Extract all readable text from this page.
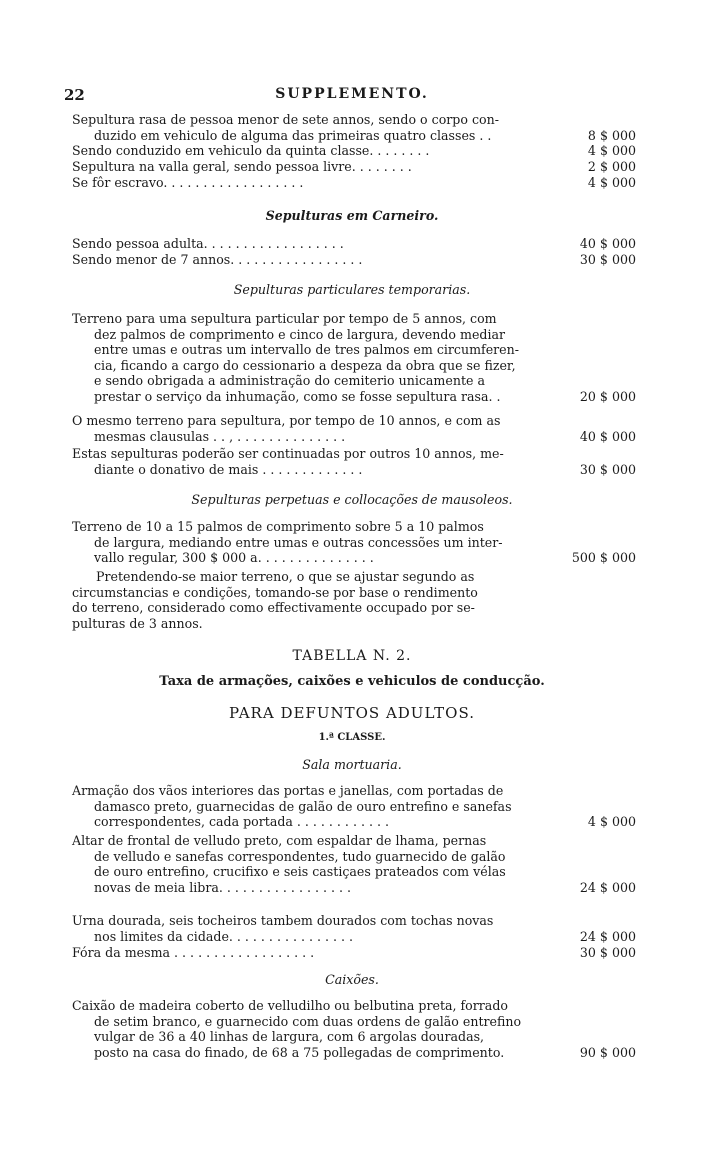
22	SUPPLEMENTO.
Sepultura rasa de pessoa menor de sete annos, sendo o corpo con-
duzido em vehiculo de alguma das primeiras quatro classes . .	8 $ 000
Sendo conduzido em vehiculo da quinta classe. . . . . . . .	4 $ 000
Sepultura na valla geral, sendo pessoa livre. . . . . . . .	2 $ 000
Se fôr escravo. . . . . . . . . . . . . . . . . .	4 $ 000
Sepulturas em Carneiro.
Sendo pessoa adulta. . . . . . . . . . . . . . . . . .	40 $ 000
Sendo menor de 7 annos. . . . . . . . . . . . . . . . .	30 $ 000
Sepulturas particulares temporarias.
Terreno para uma sepultura particular por tempo de 5 annos, com
dez palmos de comprimento e cinco de largura, devendo mediar
entre umas e outras um intervallo de tres palmos em circumferen-
cia, ficando a cargo do cessionario a despeza da obra que se fizer,
e sendo obrigada a administração do cemiterio unicamente a
prestar o serviço da inhumação, como se fosse sepultura rasa. .	20 $ 000
O mesmo terreno para sepultura, por tempo de 10 annos, e com as
mesmas clausulas . . , . . . . . . . . . . . . . .	40 $ 000
Estas sepulturas poderão ser continuadas por outros 10 annos, me-
diante o donativo de mais . . . . . . . . . . . . .	30 $ 000
Sepulturas perpetuas e collocações de mausoleos.
Terreno de 10 a 15 palmos de comprimento sobre 5 a 10 palmos
de largura, mediando entre umas e outras concessões um inter-
vallo regular, 300 $ 000 a. . . . . . . . . . . . . . .	500 $ 000
Pretendendo-se maior terreno, o que se ajustar segundo as
circumstancias e condições, tomando-se por base o rendimento
do terreno, considerado como effectivamente occupado por se-
pulturas de 3 annos.
TABELLA N. 2.
Taxa de armações, caixões e vehiculos de conducção.
PARA DEFUNTOS ADULTOS.
1.ª CLASSE.
Sala mortuaria.
Armação dos vãos interiores das portas e janellas, com portadas de
damasco preto, guarnecidas de galão de ouro entrefino e sanefas
correspondentes, cada portada . . . . . . . . . . . .	4 $ 000
Altar de frontal de velludo preto, com espaldar de lhama, pernas
de velludo e sanefas correspondentes, tudo guarnecido de galão
de ouro entrefino, crucifixo e seis castiçaes prateados com vélas
novas de meia libra. . . . . . . . . . . . . . . . .	24 $ 000
Urna dourada, seis tocheiros tambem dourados com tochas novas
nos limites da cidade. . . . . . . . . . . . . . . .	24 $ 000
Fóra da mesma . . . . . . . . . . . . . . . . . .	30 $ 000
Caixões.
Caixão de madeira coberto de velludilho ou belbutina preta, forrado
de setim branco, e guarnecido com duas ordens de galão entrefino
vulgar de 36 a 40 linhas de largura, com 6 argolas douradas,
posto na casa do finado, de 68 a 75 pollegadas de comprimento.	90 $ 000
